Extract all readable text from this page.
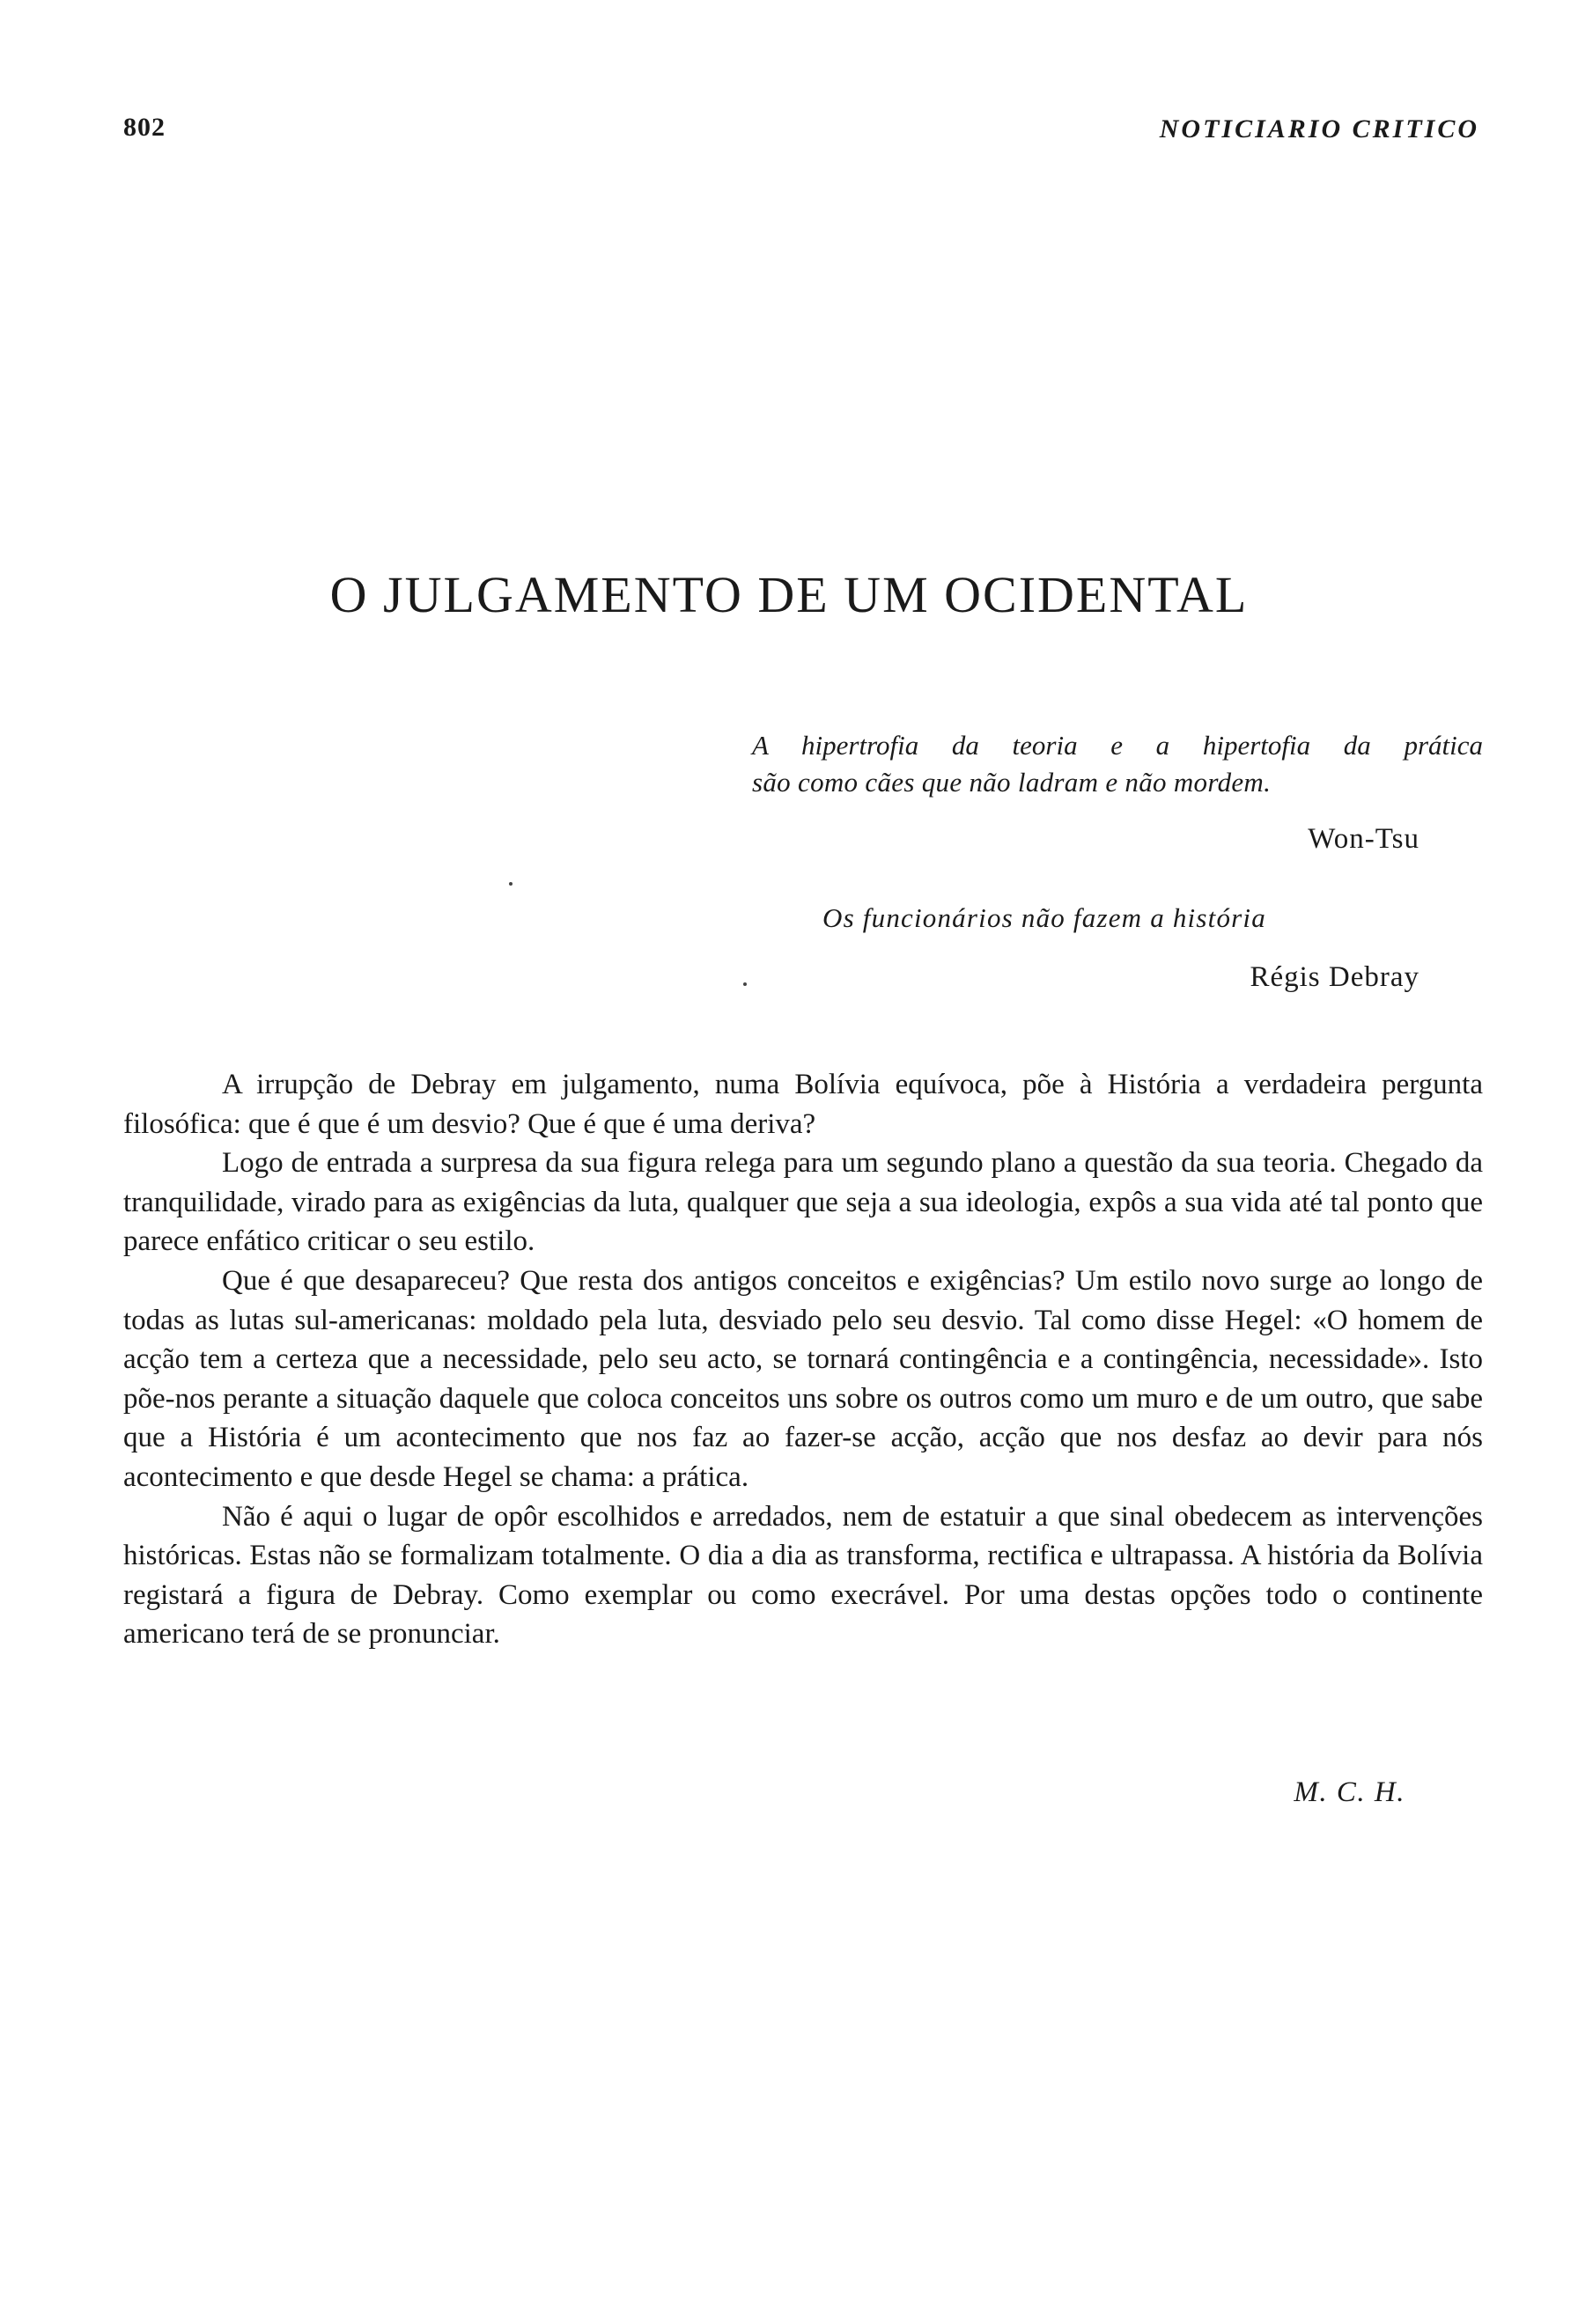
802	NOTICIARIO CRITICO
O JULGAMENTO DE UM OCIDENTAL
A hipertrofia da teoria e a hipertofia da prática
são como cães que não ladram e não mordem.
Won-Tsu
Os funcionários não fazem a história
Régis Debray

A irrupção de Debray em julgamento, numa Bolívia equívoca, põe à História a verdadeira pergunta filosófica: que é que é um desvio? Que é que é uma deriva?

Logo de entrada a surpresa da sua figura relega para um segundo plano a questão da sua teoria. Chegado da tranquilidade, virado para as exigências da luta, qualquer que seja a sua ideologia, expôs a sua vida até tal ponto que parece enfático criticar o seu estilo.

Que é que desapareceu? Que resta dos antigos conceitos e exigências? Um estilo novo surge ao longo de todas as lutas sul-americanas: moldado pela luta, desviado pelo seu desvio. Tal como disse Hegel: «O homem de acção tem a certeza que a necessidade, pelo seu acto, se tornará contingência e a contingência, necessidade». Isto põe-nos perante a situação daquele que coloca conceitos uns sobre os outros como um muro e de um outro, que sabe que a História é um acontecimento que nos faz ao fazer-se acção, acção que nos desfaz ao devir para nós acontecimento e que desde Hegel se chama: a prática.

Não é aqui o lugar de opôr escolhidos e arredados, nem de estatuir a que sinal obedecem as intervenções históricas. Estas não se formalizam totalmente. O dia a dia as transforma, rectifica e ultrapassa. A história da Bolívia registará a figura de Debray. Como exemplar ou como execrável. Por uma destas opções todo o continente americano terá de se pronunciar.

M. C. H.
